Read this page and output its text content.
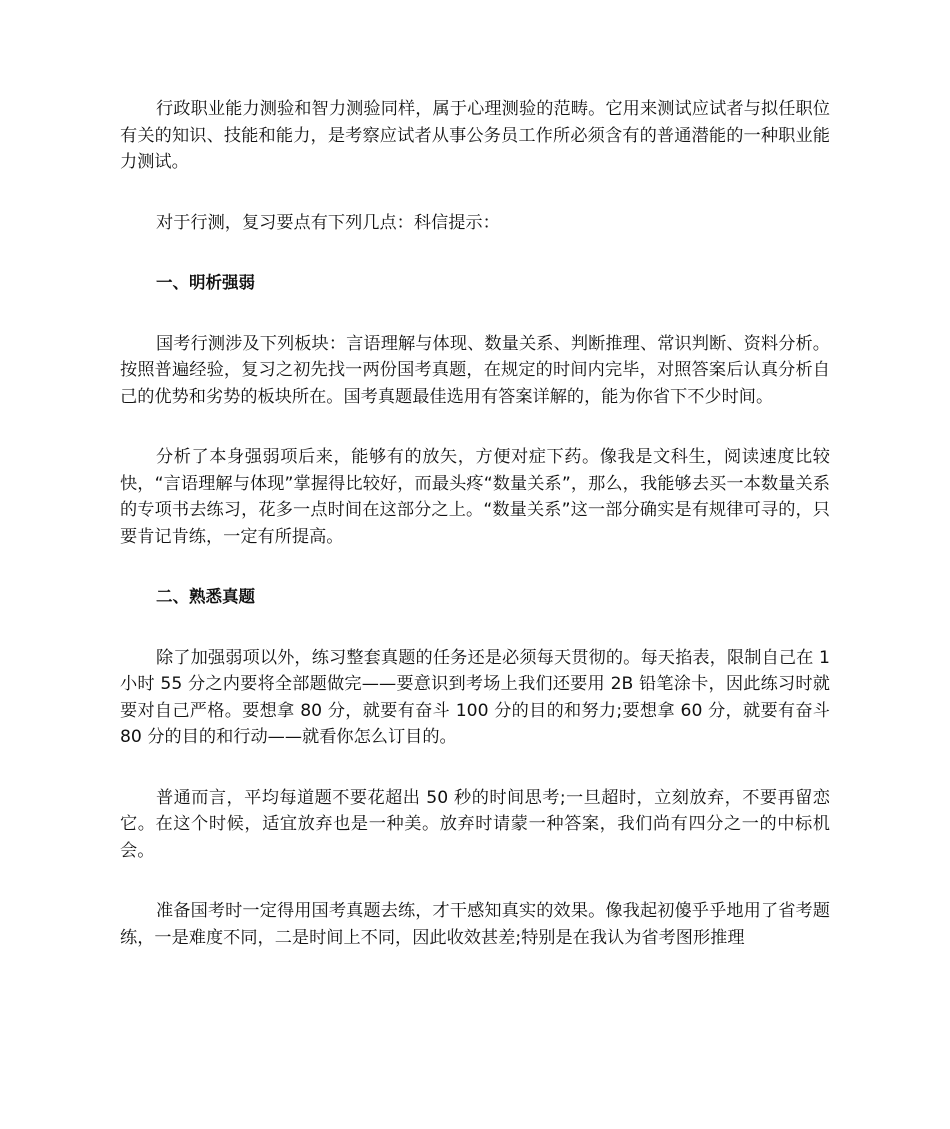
行政职业能力测验和智力测验同样，属于心理测验的范畴。它用来测试应试者与拟任职位有关的知识、技能和能力，是考察应试者从事公务员工作所必须含有的普通潜能的一种职业能力测试。

对于行测，复习要点有下列几点：科信提示：

一、明析强弱

国考行测涉及下列板块：言语理解与体现、数量关系、判断推理、常识判断、资料分析。按照普遍经验，复习之初先找一两份国考真题，在规定的时间内完毕，对照答案后认真分析自己的优势和劣势的板块所在。国考真题最佳选用有答案详解的，能为你省下不少时间。

分析了本身强弱项后来，能够有的放矢，方便对症下药。像我是文科生，阅读速度比较快，“言语理解与体现”掌握得比较好，而最头疼“数量关系”，那么，我能够去买一本数量关系的专项书去练习，花多一点时间在这部分之上。“数量关系”这一部分确实是有规律可寻的，只要肯记肯练，一定有所提高。

二、熟悉真题

除了加强弱项以外，练习整套真题的任务还是必须每天贯彻的。每天掐表，限制自己在 1 小时 55 分之内要将全部题做完——要意识到考场上我们还要用 2B 铅笔涂卡，因此练习时就要对自己严格。要想拿 80 分，就要有奋斗 100 分的目的和努力;要想拿 60 分，就要有奋斗 80 分的目的和行动——就看你怎么订目的。

普通而言，平均每道题不要花超出 50 秒的时间思考;一旦超时，立刻放弃，不要再留恋它。在这个时候，适宜放弃也是一种美。放弃时请蒙一种答案，我们尚有四分之一的中标机会。

准备国考时一定得用国考真题去练，才干感知真实的效果。像我起初傻乎乎地用了省考题练，一是难度不同，二是时间上不同，因此收效甚差;特别是在我认为省考图形推理
